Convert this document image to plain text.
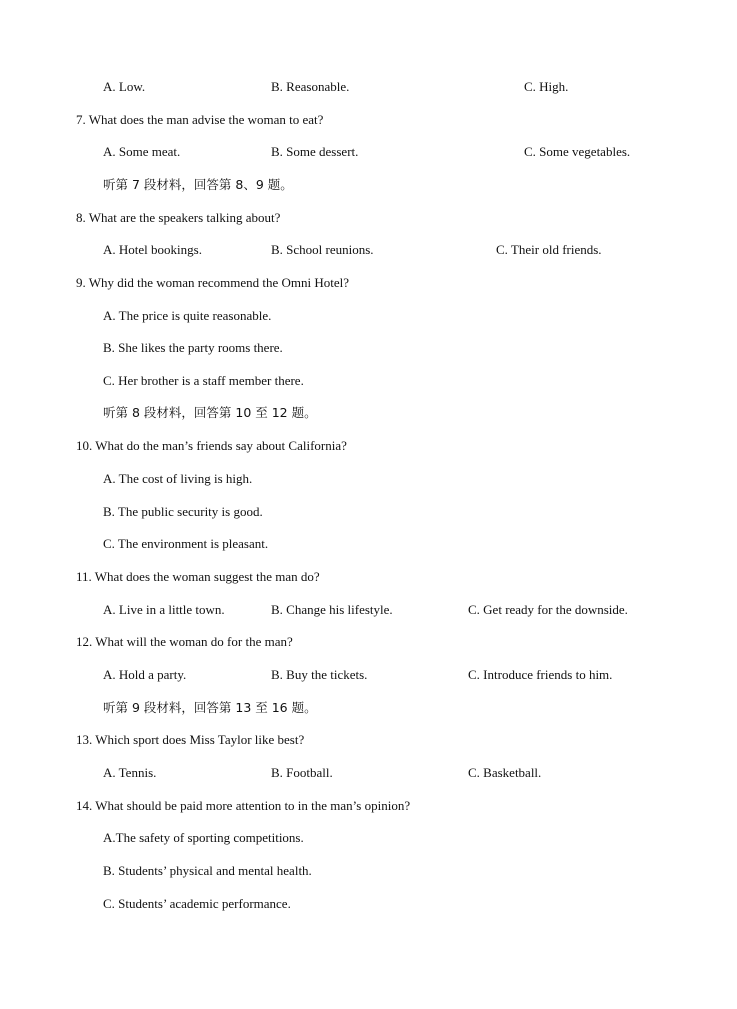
A. Low.	B. Reasonable.	C. High.
7. What does the man advise the woman to eat?
A. Some meat.	B. Some dessert.	C. Some vegetables.
听第 7 段材料，回答第 8、9 题。
8. What are the speakers talking about?
A. Hotel bookings.	B. School reunions.	C. Their old friends.
9. Why did the woman recommend the Omni Hotel?
A. The price is quite reasonable.
B. She likes the party rooms there.
C. Her brother is a staff member there.
听第 8 段材料，回答第 10 至 12 题。
10. What do the man’s friends say about California?
A. The cost of living is high.
B. The public security is good.
C. The environment is pleasant.
11. What does the woman suggest the man do?
A. Live in a little town.	B. Change his lifestyle.	C. Get ready for the downside.
12. What will the woman do for the man?
A. Hold a party.	B. Buy the tickets.	C. Introduce friends to him.
听第 9 段材料，回答第 13 至 16 题。
13. Which sport does Miss Taylor like best?
A. Tennis.	B. Football.	C. Basketball.
14. What should be paid more attention to in the man’s opinion?
A.The safety of sporting competitions.
B. Students’ physical and mental health.
C. Students’ academic performance.
